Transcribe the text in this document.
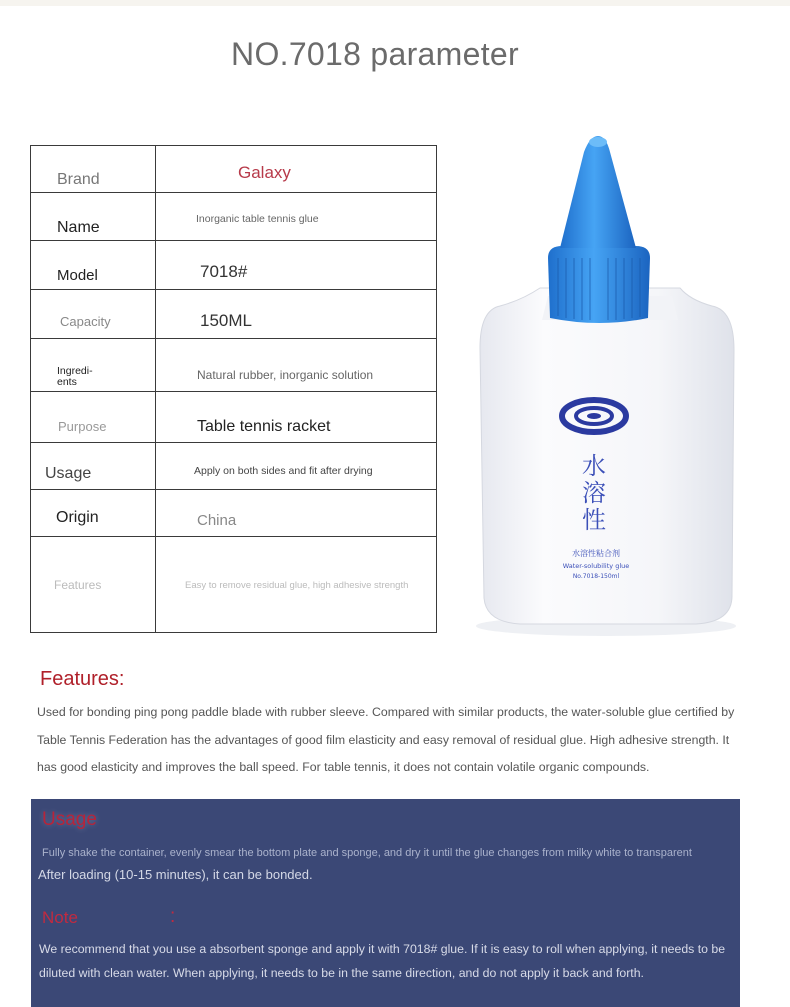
NO.7018 parameter
Brand	Galaxy

Name	Inorganic table tennis glue

Model	7018#

Capacity	150ML

Ingredi-
ents	Natural rubber, inorganic solution

Purpose	Table tennis racket

Usage	Apply on both sides and fit after drying

Origin	China

Features	Easy to remove residual glue, high adhesive strength
水
溶
性
水溶性粘合剂
Water-solubility glue
No.7018-150ml
Features:
Used for bonding ping pong paddle blade with rubber sleeve. Compared with similar products, the water-soluble glue certified by Table Tennis Federation has the advantages of good film elasticity and easy removal of residual glue. High adhesive strength. It has good elasticity and improves the ball speed. For table tennis, it does not contain volatile organic compounds.
Usage
Fully shake the container, evenly smear the bottom plate and sponge, and dry it until the glue changes from milky white to transparent
After loading (10-15 minutes), it can be bonded.
Note	:
We recommend that you use a absorbent sponge and apply it with 7018# glue. If it is easy to roll when applying, it needs to be diluted with clean water. When applying, it needs to be in the same direction, and do not apply it back and forth.
